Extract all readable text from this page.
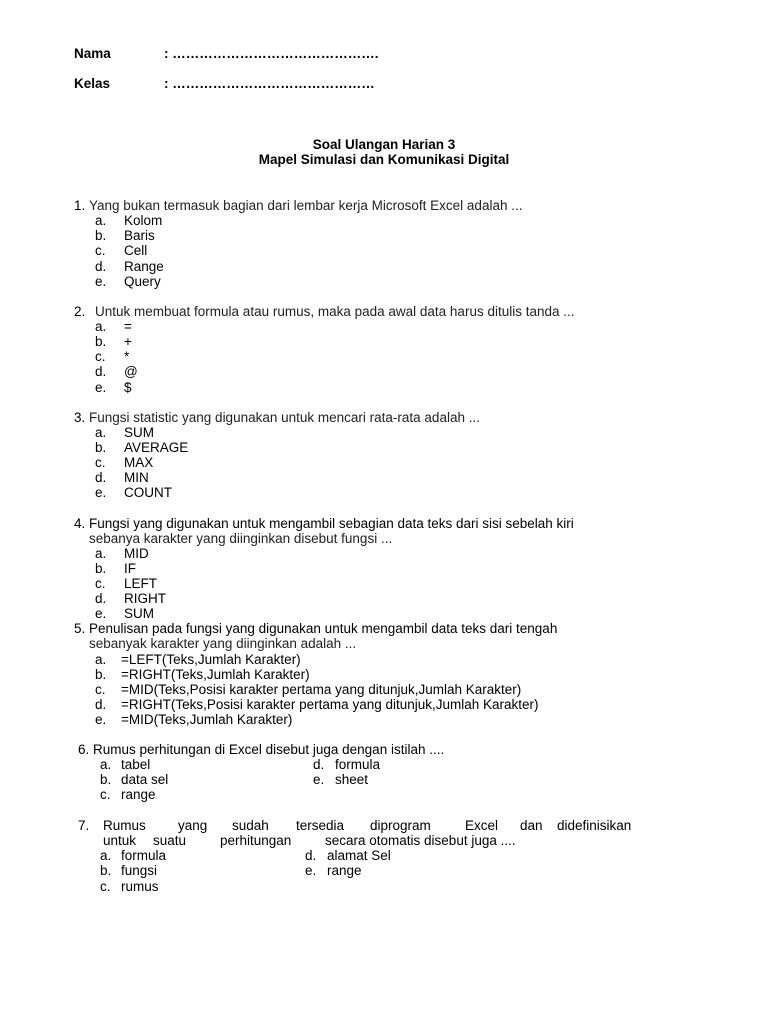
Nama	: ……………………………………….
Kelas	: ………………………………………
Soal Ulangan Harian 3
Mapel Simulasi dan Komunikasi Digital
1. Yang bukan termasuk bagian dari lembar kerja Microsoft Excel adalah ...
a. Kolom
b. Baris
c. Cell
d. Range
e. Query
2. Untuk membuat formula atau rumus, maka pada awal data harus ditulis tanda ...
a. =
b. +
c. *
d. @
e. $
3. Fungsi statistic yang digunakan untuk mencari rata-rata adalah ...
a. SUM
b. AVERAGE
c. MAX
d. MIN
e. COUNT
4. Fungsi yang digunakan untuk mengambil sebagian data teks dari sisi sebelah kiri
sebanya karakter yang diinginkan disebut fungsi ...
a. MID
b. IF
c. LEFT
d. RIGHT
e. SUM
5. Penulisan pada fungsi yang digunakan untuk mengambil data teks dari tengah
sebanyak karakter yang diinginkan adalah ...
a. =LEFT(Teks,Jumlah Karakter)
b. =RIGHT(Teks,Jumlah Karakter)
c. =MID(Teks,Posisi karakter pertama yang ditunjuk,Jumlah Karakter)
d. =RIGHT(Teks,Posisi karakter pertama yang ditunjuk,Jumlah Karakter)
e. =MID(Teks,Jumlah Karakter)
6. Rumus perhitungan di Excel disebut juga dengan istilah ....
a. tabel
b. data sel
c. range
d. formula
e. sheet
7. Rumus yang sudah tersedia diprogram	Excel dan didefinisikan
untuk suatu	perhitungan secara otomatis disebut juga ....
a. formula
b. fungsi
c. rumus
d. alamat Sel
e. range
